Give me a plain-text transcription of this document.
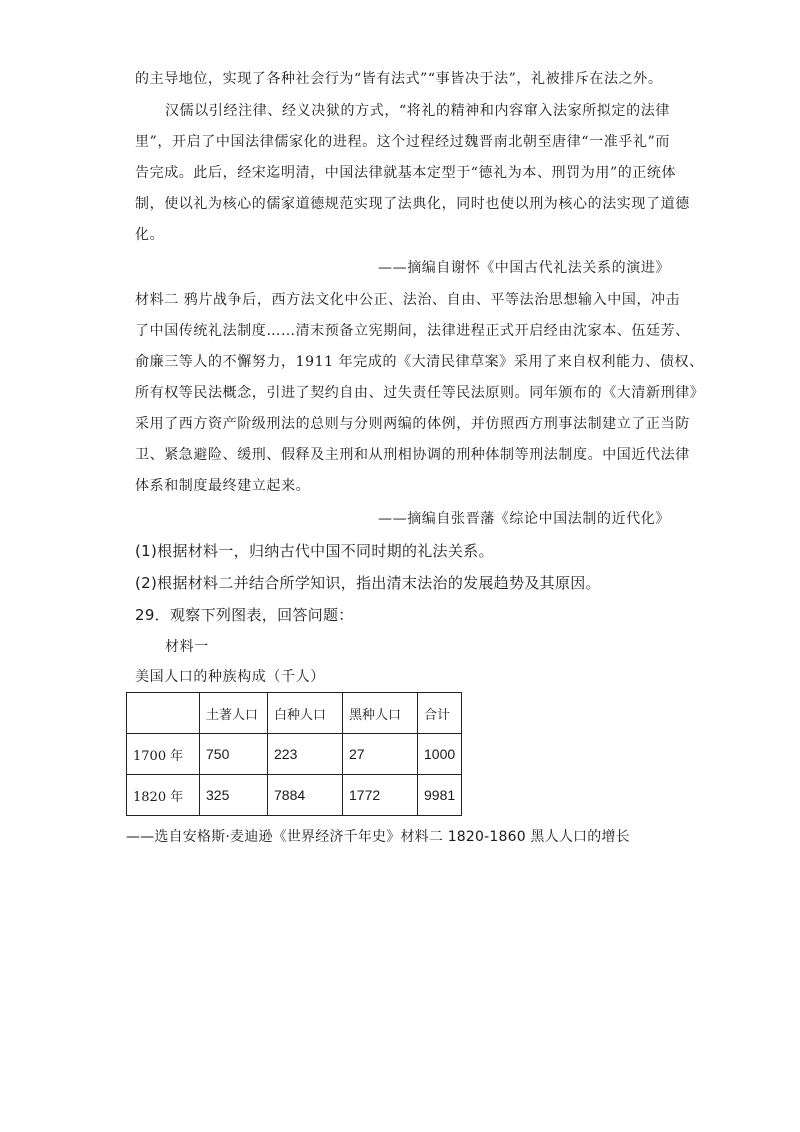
的主导地位，实现了各种社会行为“皆有法式”“事皆决于法”，礼被排斥在法之外。
汉儒以引经注律、经义决狱的方式，“将礼的精神和内容窜入法家所拟定的法律
里”，开启了中国法律儒家化的进程。这个过程经过魏晋南北朝至唐律“一准乎礼”而
告完成。此后，经宋迄明清，中国法律就基本定型于“德礼为本、刑罚为用”的正统体
制，使以礼为核心的儒家道德规范实现了法典化，同时也使以刑为核心的法实现了道德
化。
——摘编自谢怀《中国古代礼法关系的演进》
材料二 鸦片战争后，西方法文化中公正、法治、自由、平等法治思想输入中国，冲击
了中国传统礼法制度……清末预备立宪期间，法律进程正式开启经由沈家本、伍廷芳、
俞廉三等人的不懈努力，1911 年完成的《大清民律草案》采用了来自权利能力、债权、
所有权等民法概念，引进了契约自由、过失责任等民法原则。同年颁布的《大清新刑律》
采用了西方资产阶级刑法的总则与分则两编的体例，并仿照西方刑事法制建立了正当防
卫、紧急避险、缓刑、假释及主刑和从刑相协调的刑种体制等刑法制度。中国近代法律
体系和制度最终建立起来。
——摘编自张晋藩《综论中国法制的近代化》
(1)根据材料一，归纳古代中国不同时期的礼法关系。
(2)根据材料二并结合所学知识，指出清末法治的发展趋势及其原因。
29．观察下列图表，回答问题：
材料一
美国人口的种族构成（千人）
	土著人口	白种人口	黑种人口	合计
1700 年	750	223	27	1000
1820 年	325	7884	1772	9981
——选自安格斯·麦迪逊《世界经济千年史》材料二 1820-1860 黑人人口的增长
